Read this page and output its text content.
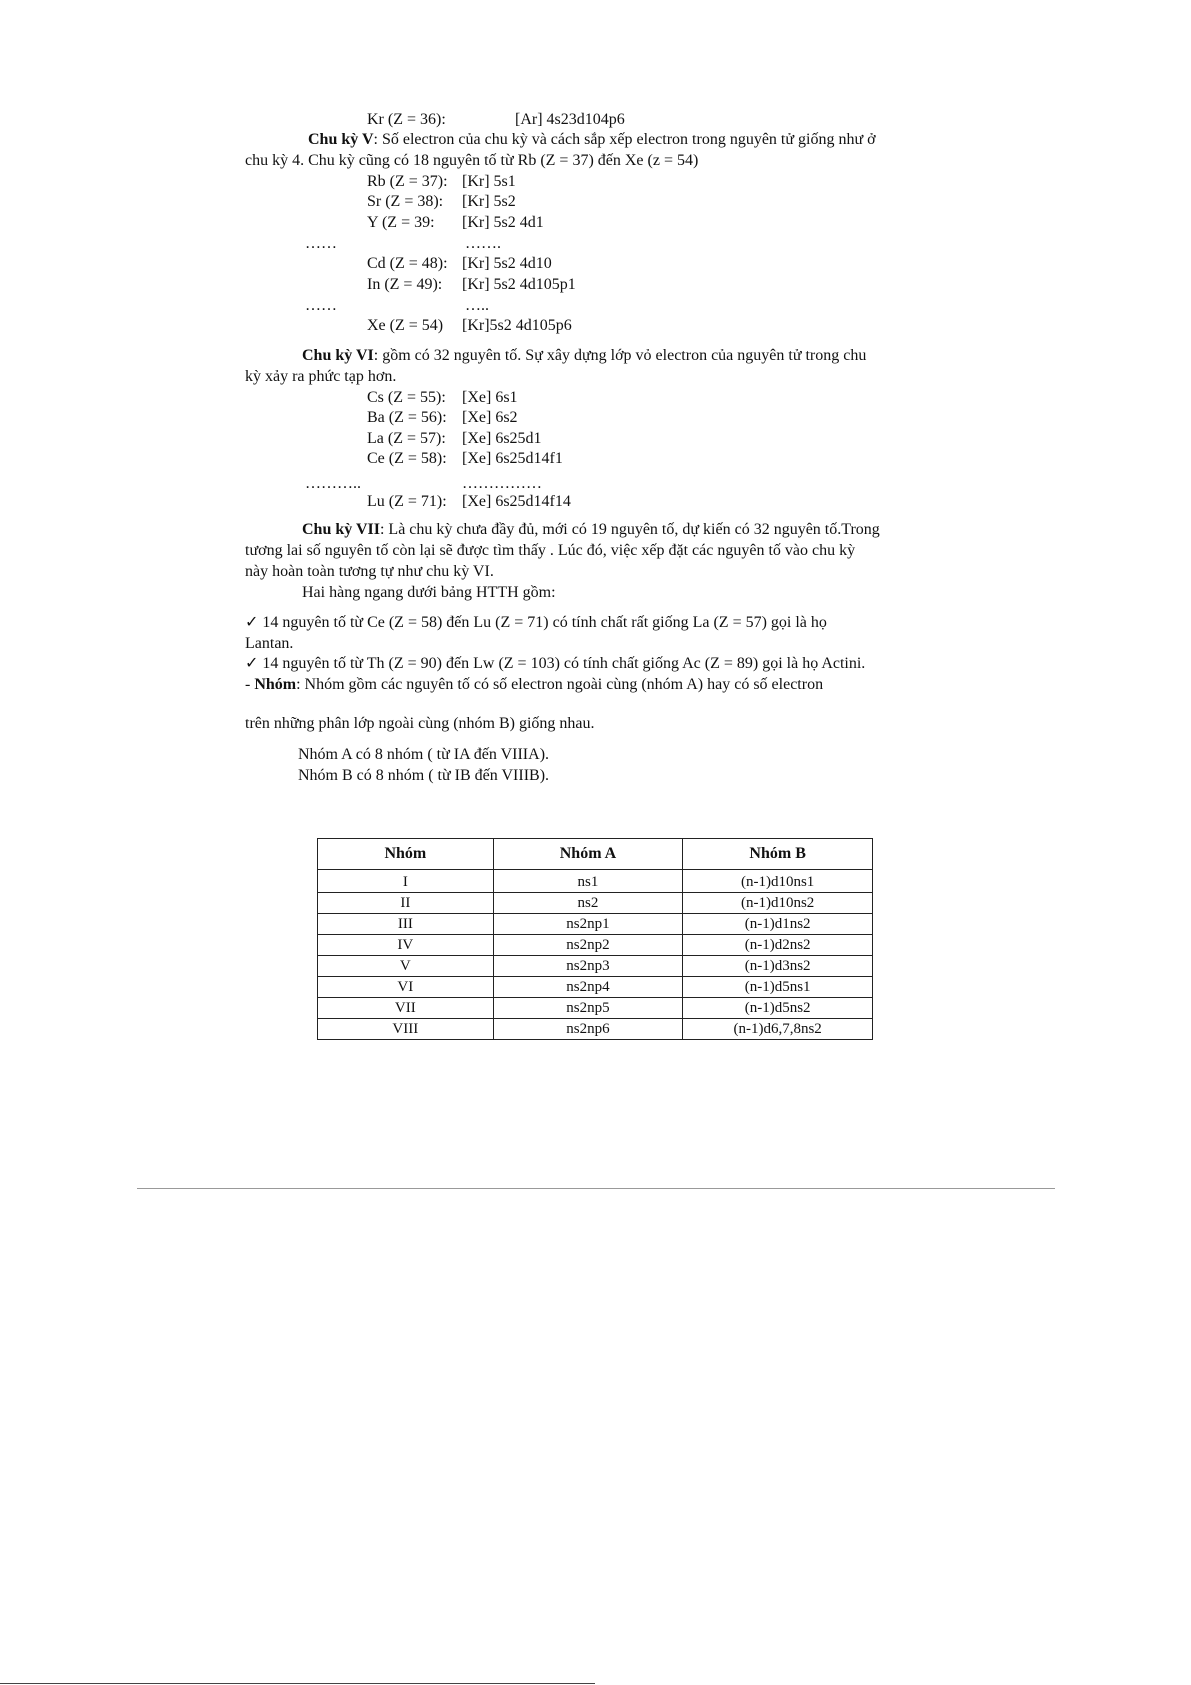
Kr (Z = 36):	[Ar] 4s23d104p6
Chu kỳ V: Số electron của chu kỳ và cách sắp xếp electron trong nguyên tử giống như ở
chu kỳ 4. Chu kỳ cũng có 18 nguyên tố từ Rb (Z = 37) đến Xe (z = 54)
Rb (Z = 37): [Kr] 5s1
Sr (Z = 38): [Kr] 5s2
Y (Z = 39: [Kr] 5s2 4d1
……	…….
Cd (Z = 48): [Kr] 5s2 4d10
In (Z = 49): [Kr] 5s2 4d105p1
……	…..
Xe (Z = 54) [Kr]5s2 4d105p6
Chu kỳ VI: gồm có 32 nguyên tố. Sự xây dựng lớp vỏ electron của nguyên tử trong chu
kỳ xảy ra phức tạp hơn.
Cs (Z = 55): [Xe] 6s1
Ba (Z = 56): [Xe] 6s2
La (Z = 57): [Xe] 6s25d1
Ce (Z = 58): [Xe] 6s25d14f1
………..	……………
Lu (Z = 71): [Xe] 6s25d14f14
Chu kỳ VII: Là chu kỳ chưa đầy đủ, mới có 19 nguyên tố, dự kiến có 32 nguyên tố.Trong
tương lai số nguyên tố còn lại sẽ được tìm thấy . Lúc đó, việc xếp đặt các nguyên tố vào chu kỳ
này hoàn toàn tương tự như chu kỳ VI.
Hai hàng ngang dưới bảng HTTH gồm:
✓ 14 nguyên tố từ Ce (Z = 58) đến Lu (Z = 71) có tính chất rất giống La (Z = 57) gọi là họ
Lantan.
✓ 14 nguyên tố từ Th (Z = 90) đến Lw (Z = 103) có tính chất giống Ac (Z = 89) gọi là họ Actini.
- Nhóm: Nhóm gồm các nguyên tố có số electron ngoài cùng (nhóm A) hay có số electron
trên những phân lớp ngoài cùng (nhóm B) giống nhau.
Nhóm A có 8 nhóm ( từ IA đến VIIIA).
Nhóm B có 8 nhóm ( từ IB đến VIIIB).
Nhóm	Nhóm A	Nhóm B
I	ns1	(n-1)d10ns1
II	ns2	(n-1)d10ns2
III	ns2np1	(n-1)d1ns2
IV	ns2np2	(n-1)d2ns2
V	ns2np3	(n-1)d3ns2
VI	ns2np4	(n-1)d5ns1
VII	ns2np5	(n-1)d5ns2
VIII	ns2np6	(n-1)d6,7,8ns2
